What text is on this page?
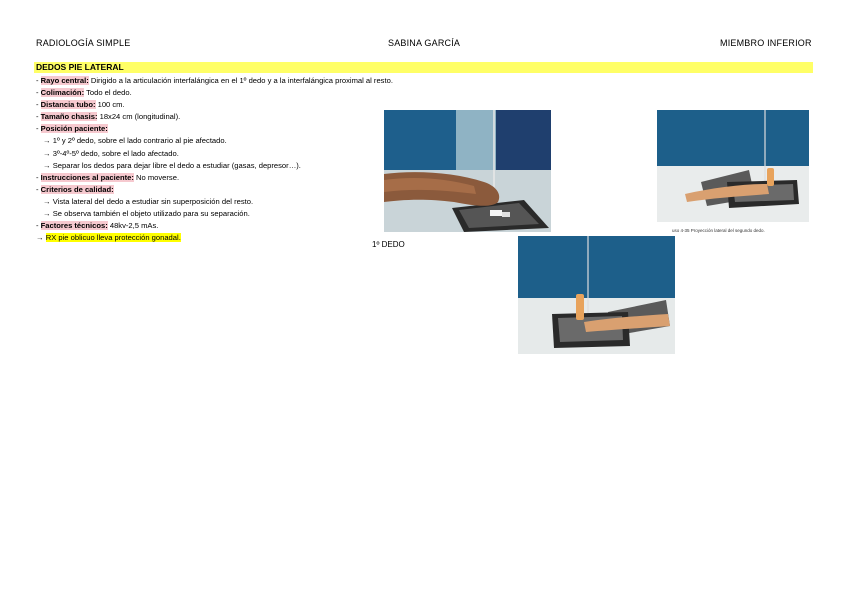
RADIOLOGÍA SIMPLE	SABINA GARCÍA	MIEMBRO INFERIOR
DEDOS PIE LATERAL
- Rayo central: Dirigido a la articulación interfalángica en el 1º dedo y a la interfalángica proximal al resto.
- Colimación: Todo el dedo.
- Distancia tubo: 100 cm.
- Tamaño chasis: 18x24 cm (longitudinal).
- Posición paciente:
→ 1º y 2º dedo, sobre el lado contrario al pie afectado.
→ 3º-4º-5º dedo, sobre el lado afectado.
→ Separar los dedos para dejar libre el dedo a estudiar (gasas, depresor…).
- Instrucciones al paciente: No moverse.
- Criterios de calidad:
→ Vista lateral del dedo a estudiar sin superposición del resto.
→ Se observa también el objeto utilizado para su separación.
- Factores técnicos: 48kv-2,5 mAs.
→ RX pie oblicuo lleva protección gonadal.
uso 4-35 Proyección lateral del segundo dedo.
1º DEDO
